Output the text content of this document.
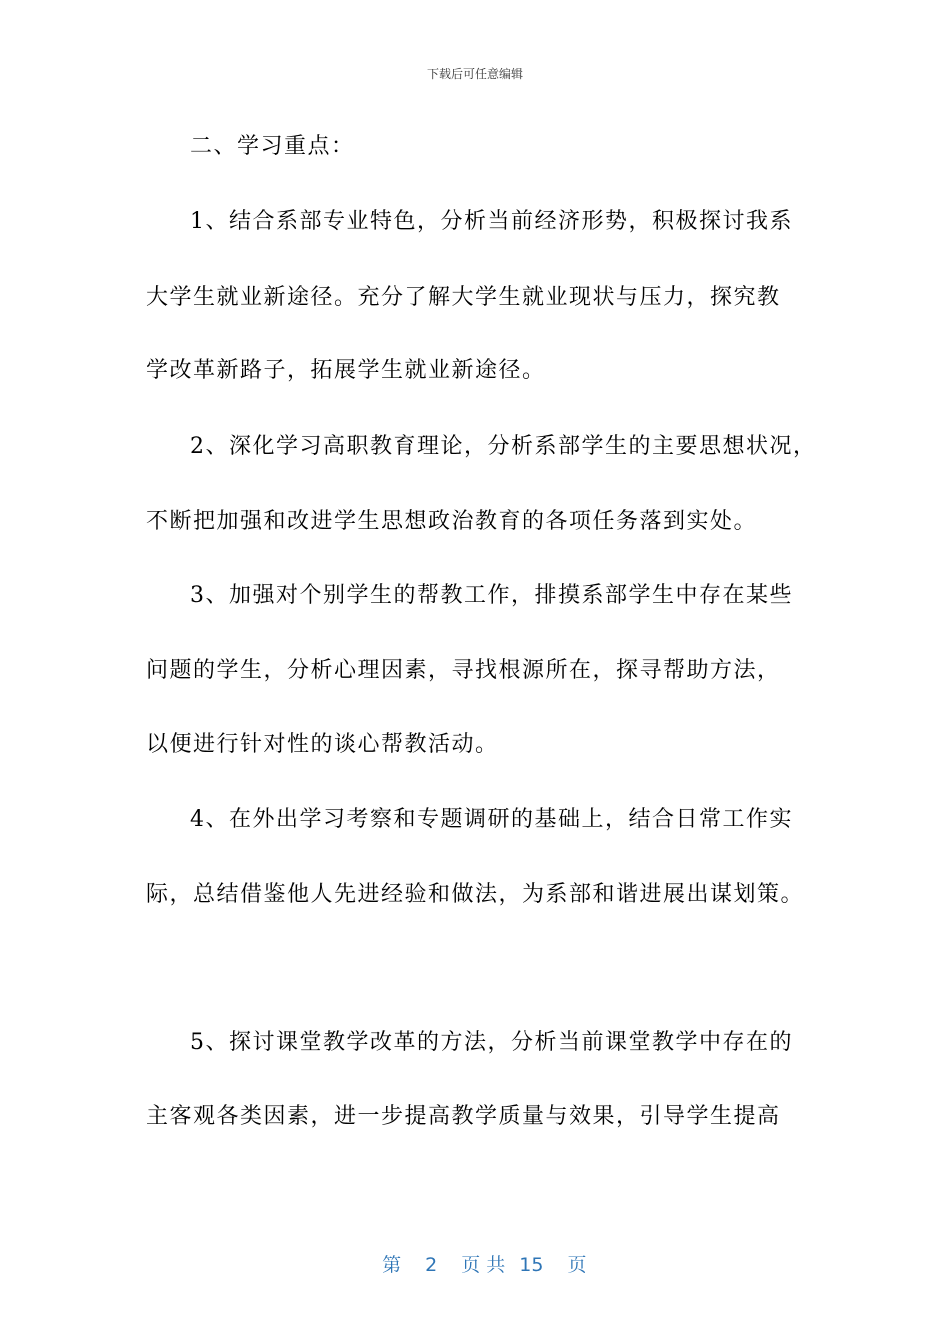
下载后可任意编辑
二、学习重点：
1、结合系部专业特色，分析当前经济形势，积极探讨我系
大学生就业新途径。充分了解大学生就业现状与压力，探究教
学改革新路子，拓展学生就业新途径。
2、深化学习高职教育理论，分析系部学生的主要思想状况，
不断把加强和改进学生思想政治教育的各项任务落到实处。
3、加强对个别学生的帮教工作，排摸系部学生中存在某些
问题的学生，分析心理因素，寻找根源所在，探寻帮助方法，
以便进行针对性的谈心帮教活动。
4、在外出学习考察和专题调研的基础上，结合日常工作实
际，总结借鉴他人先进经验和做法，为系部和谐进展出谋划策。
5、探讨课堂教学改革的方法，分析当前课堂教学中存在的
主客观各类因素，进一步提高教学质量与效果，引导学生提高

第 2 页 共 15 页
